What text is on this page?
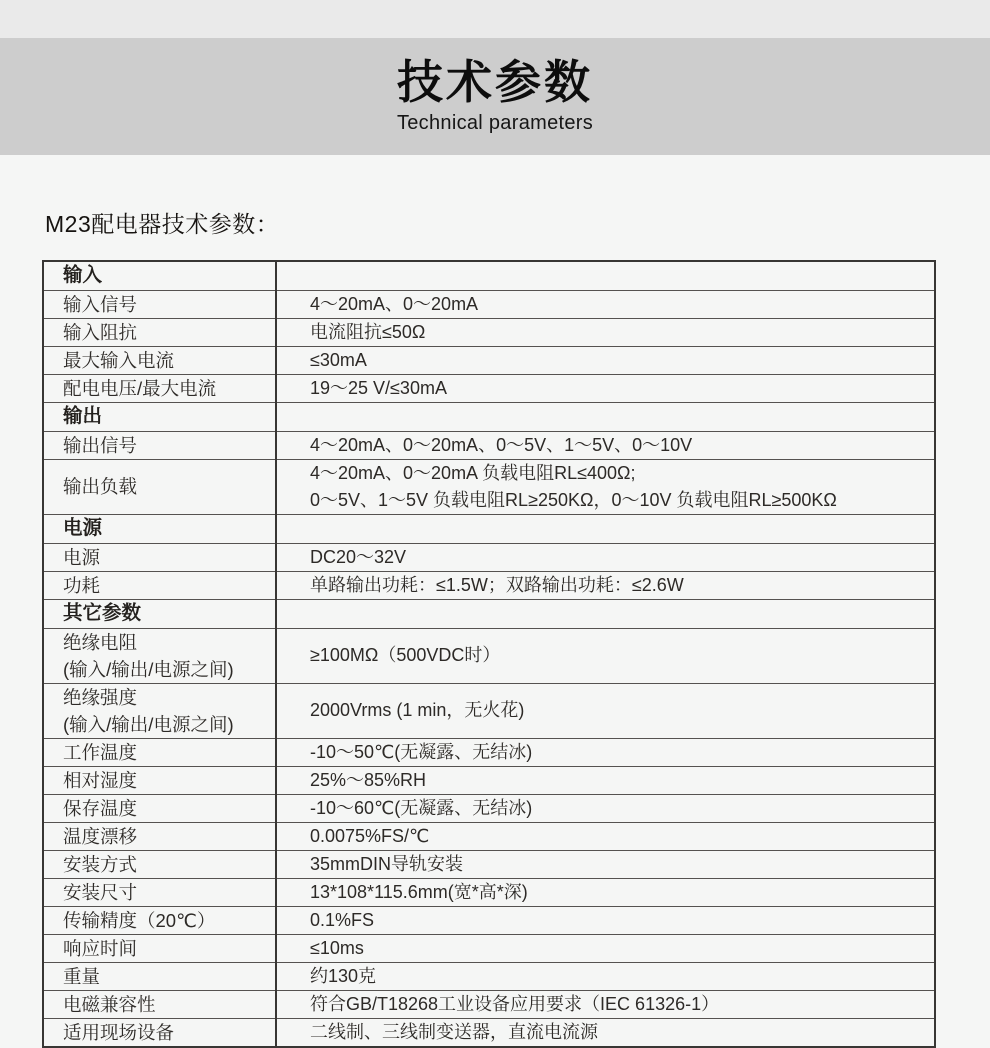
技术参数
Technical parameters
M23配电器技术参数：
输入	

输入信号	4～20mA、0～20mA

输入阻抗	电流阻抗≤50Ω

最大输入电流	≤30mA

配电电压/最大电流	19～25 V/≤30mA

输出	

输出信号	4～20mA、0～20mA、0～5V、1～5V、0～10V

输出负载	4～20mA、0～20mA 负载电阻RL≤400Ω;
0～5V、1～5V 负载电阻RL≥250KΩ，0～10V 负载电阻RL≥500KΩ

电源	

电源	DC20～32V

功耗	单路输出功耗：≤1.5W；双路输出功耗：≤2.6W

其它参数	

绝缘电阻
(输入/输出/电源之间)	≥100MΩ（500VDC时）

绝缘强度
(输入/输出/电源之间)	2000Vrms (1 min，无火花)

工作温度	-10～50℃(无凝露、无结冰)

相对湿度	25%～85%RH

保存温度	-10～60℃(无凝露、无结冰)

温度漂移	0.0075%FS/℃

安装方式	35mmDIN导轨安装

安装尺寸	13*108*115.6mm(宽*高*深)

传输精度（20℃）	0.1%FS

响应时间	≤10ms

重量	约130克

电磁兼容性	符合GB/T18268工业设备应用要求（IEC 61326-1）

适用现场设备	二线制、三线制变送器，直流电流源
